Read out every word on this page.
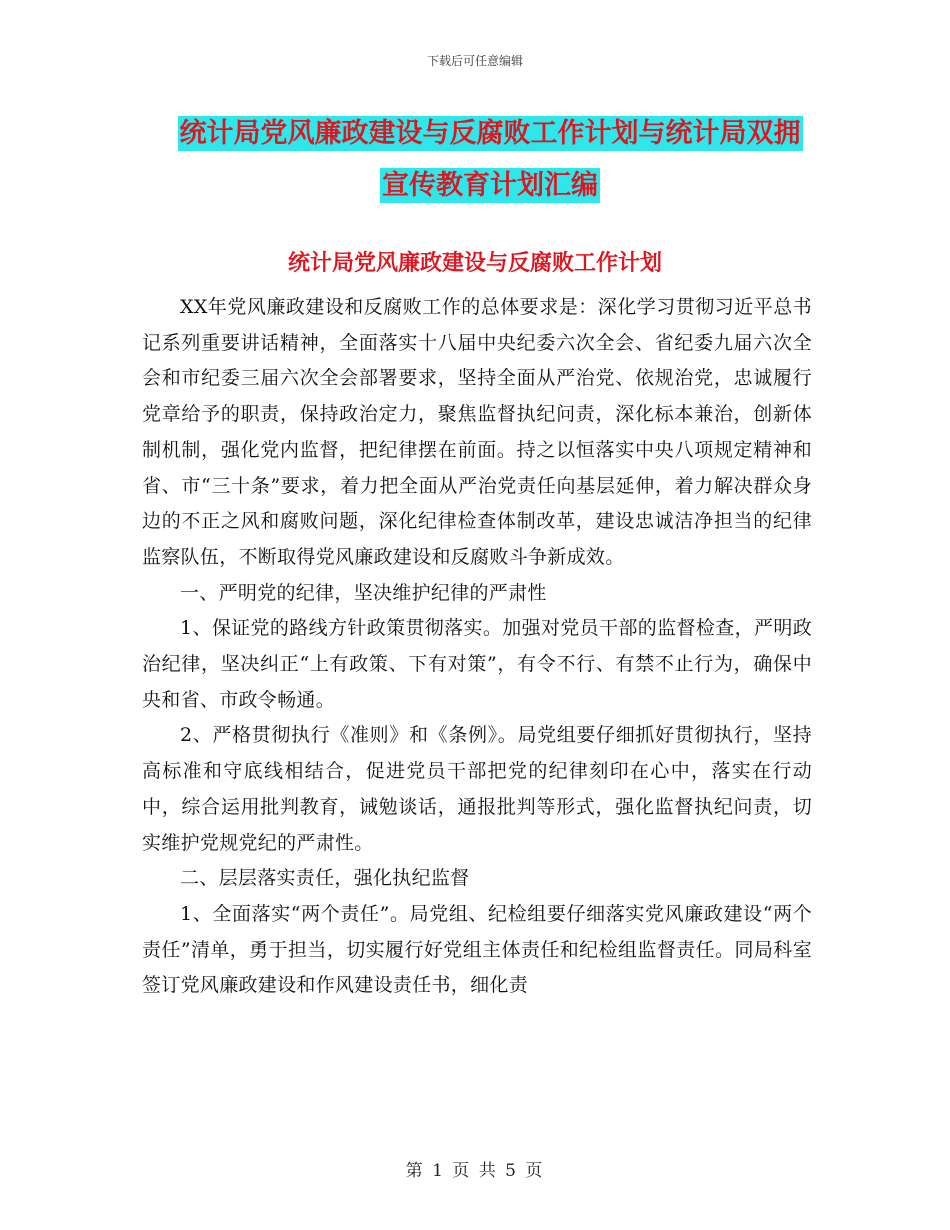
下载后可任意编辑
统计局党风廉政建设与反腐败工作计划与统计局双拥
宣传教育计划汇编
统计局党风廉政建设与反腐败工作计划

XX年党风廉政建设和反腐败工作的总体要求是：深化学习贯彻习近平总书记系列重要讲话精神，全面落实十八届中央纪委六次全会、省纪委九届六次全会和市纪委三届六次全会部署要求，坚持全面从严治党、依规治党，忠诚履行党章给予的职责，保持政治定力，聚焦监督执纪问责，深化标本兼治，创新体制机制，强化党内监督，把纪律摆在前面。持之以恒落实中央八项规定精神和省、市“三十条”要求，着力把全面从严治党责任向基层延伸，着力解决群众身边的不正之风和腐败问题，深化纪律检查体制改革，建设忠诚洁净担当的纪律监察队伍，不断取得党风廉政建设和反腐败斗争新成效。

一、严明党的纪律，坚决维护纪律的严肃性

1、保证党的路线方针政策贯彻落实。加强对党员干部的监督检查，严明政治纪律，坚决纠正“上有政策、下有对策”，有令不行、有禁不止行为，确保中央和省、市政令畅通。

2、严格贯彻执行《准则》和《条例》。局党组要仔细抓好贯彻执行，坚持高标准和守底线相结合，促进党员干部把党的纪律刻印在心中，落实在行动中，综合运用批判教育，诫勉谈话，通报批判等形式，强化监督执纪问责，切实维护党规党纪的严肃性。

二、层层落实责任，强化执纪监督

1、全面落实“两个责任”。局党组、纪检组要仔细落实党风廉政建设“两个责任”清单，勇于担当，切实履行好党组主体责任和纪检组监督责任。同局科室签订党风廉政建设和作风建设责任书，细化责

第 1 页 共 5 页
